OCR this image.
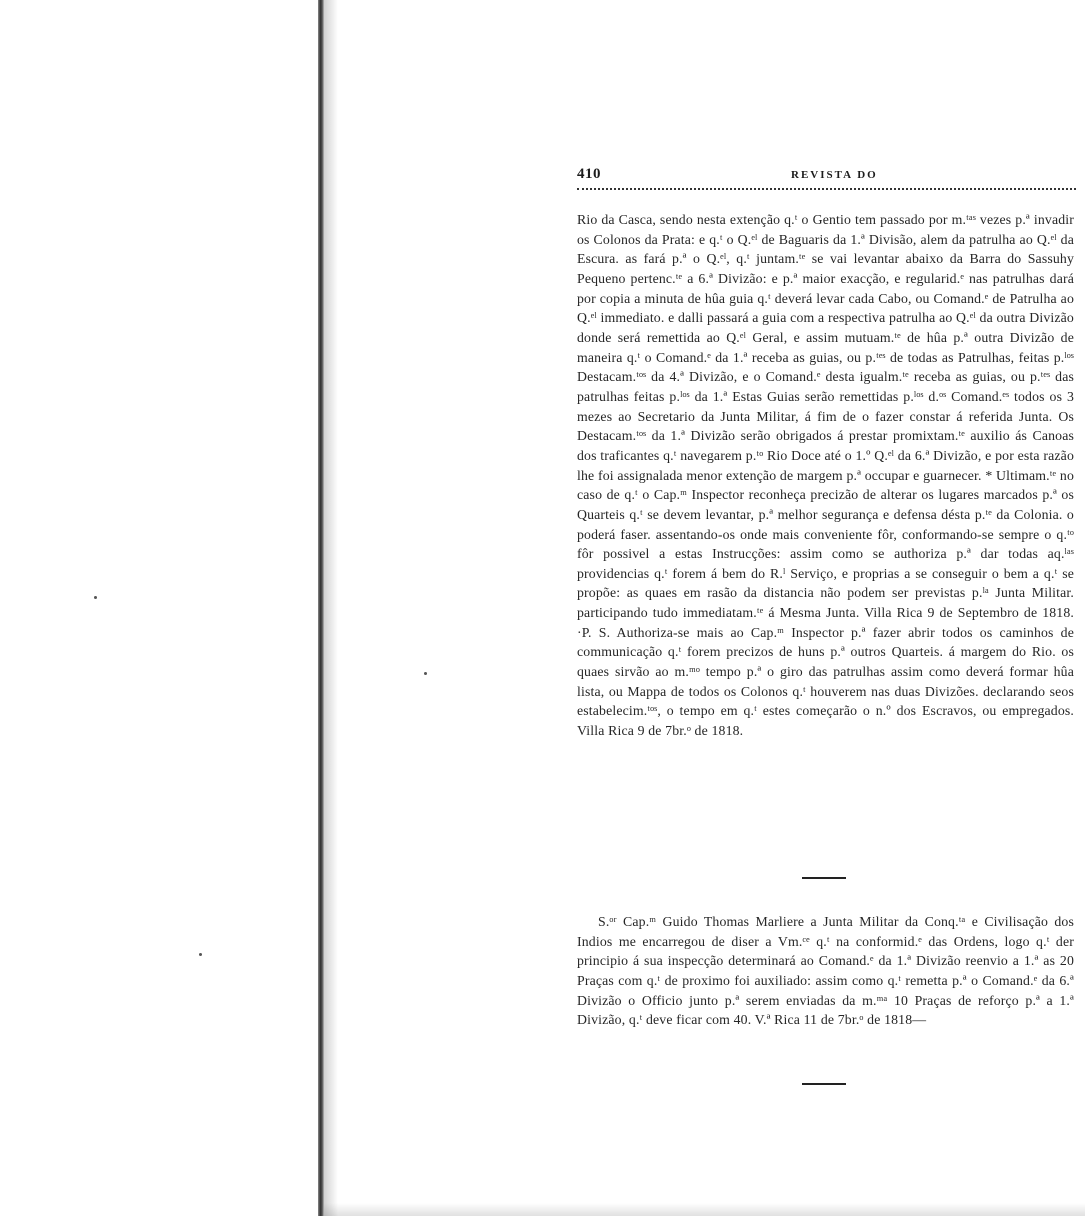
410	REVISTA DO
Rio da Casca, sendo nesta extenção q.ᵗ o Gentio tem passado por m.ᵗᵃˢ vezes p.ª invadir os Colonos da Prata: e q.ᵗ o Q.ᵉˡ de Baguaris da 1.ª Divisão, alem da patrulha ao Q.ᵉˡ da Escura. as fará p.ª o Q.ᵉˡ, q.ᵗ juntam.ᵗᵉ se vai levantar abaixo da Barra do Sassuhy Pequeno pertenc.ᵗᵉ a 6.ª Divizão: e p.ª maior exacção, e regularid.ᵉ nas patrulhas dará por copia a minuta de hûa guia q.ᵗ deverá levar cada Cabo, ou Comand.ᵉ de Patrulha ao Q.ᵉˡ immediato. e dalli passará a guia com a respectiva patrulha ao Q.ᵉˡ da outra Divizão donde será remettida ao Q.ᵉˡ Geral, e assim mutuam.ᵗᵉ de hûa p.ª outra Divizão de maneira q.ᵗ o Comand.ᵉ da 1.ª receba as guias, ou p.ᵗᵉˢ de todas as Patrulhas, feitas p.ˡᵒˢ Destacam.ᵗᵒˢ da 4.ª Divizão, e o Comand.ᵉ desta igualm.ᵗᵉ receba as guias, ou p.ᵗᵉˢ das patrulhas feitas p.ˡᵒˢ da 1.ª Estas Guias serão remettidas p.ˡᵒˢ d.ᵒˢ Comand.ᵉˢ todos os 3 mezes ao Secretario da Junta Militar, á fim de o fazer constar á referida Junta. Os Destacam.ᵗᵒˢ da 1.ª Divizão serão obrigados á prestar promixtam.ᵗᵉ auxilio ás Canoas dos traficantes q.ᵗ navegarem p.ᵗᵒ Rio Doce até o 1.º Q.ᵉˡ da 6.ª Divizão, e por esta razão lhe foi assignalada menor extenção de margem p.ª occupar e guarnecer. * Ultimam.ᵗᵉ no caso de q.ᵗ o Cap.ᵐ Inspector reconheça precizão de alterar os lugares marcados p.ª os Quarteis q.ᵗ se devem levantar, p.ª melhor segurança e defensa désta p.ᵗᵉ da Colonia. o poderá faser. assentando-os onde mais conveniente fôr, conformando-se sempre o q.ᵗᵒ fôr possivel a estas Instrucções: assim como se authoriza p.ª dar todas aq.ˡᵃˢ providencias q.ᵗ forem á bem do R.ˡ Serviço, e proprias a se conseguir o bem a q.ᵗ se propõe: as quaes em rasão da distancia não podem ser previstas p.ˡᵃ Junta Militar. participando tudo immediatam.ᵗᵉ á Mesma Junta. Villa Rica 9 de Septembro de 1818. ·P. S. Authoriza-se mais ao Cap.ᵐ Inspector p.ª fazer abrir todos os caminhos de communicação q.ᵗ forem precizos de huns p.ª outros Quarteis. á margem do Rio. os quaes sirvão ao m.ᵐᵒ tempo p.ª o giro das patrulhas assim como deverá formar hûa lista, ou Mappa de todos os Colonos q.ᵗ houverem nas duas Divizões. declarando seos estabelecim.ᵗᵒˢ, o tempo em q.ᵗ estes começarão o n.º dos Escravos, ou empregados. Villa Rica 9 de 7br.ᵒ de 1818.
S.ᵒʳ Cap.ᵐ Guido Thomas Marliere a Junta Militar da Conq.ᵗᵃ e Civilisação dos Indios me encarregou de diser a Vm.ᶜᵉ q.ᵗ na conformid.ᵉ das Ordens, logo q.ᵗ der principio á sua inspecção determinará ao Comand.ᵉ da 1.ª Divizão reenvio a 1.ª as 20 Praças com q.ᵗ de proximo foi auxiliado: assim como q.ᵗ remetta p.ª o Comand.ᵉ da 6.ª Divizão o Officio junto p.ª serem enviadas da m.ᵐᵃ 10 Praças de reforço p.ª a 1.ª Divizão, q.ᵗ deve ficar com 40. V.ª Rica 11 de 7br.ᵒ de 1818—
